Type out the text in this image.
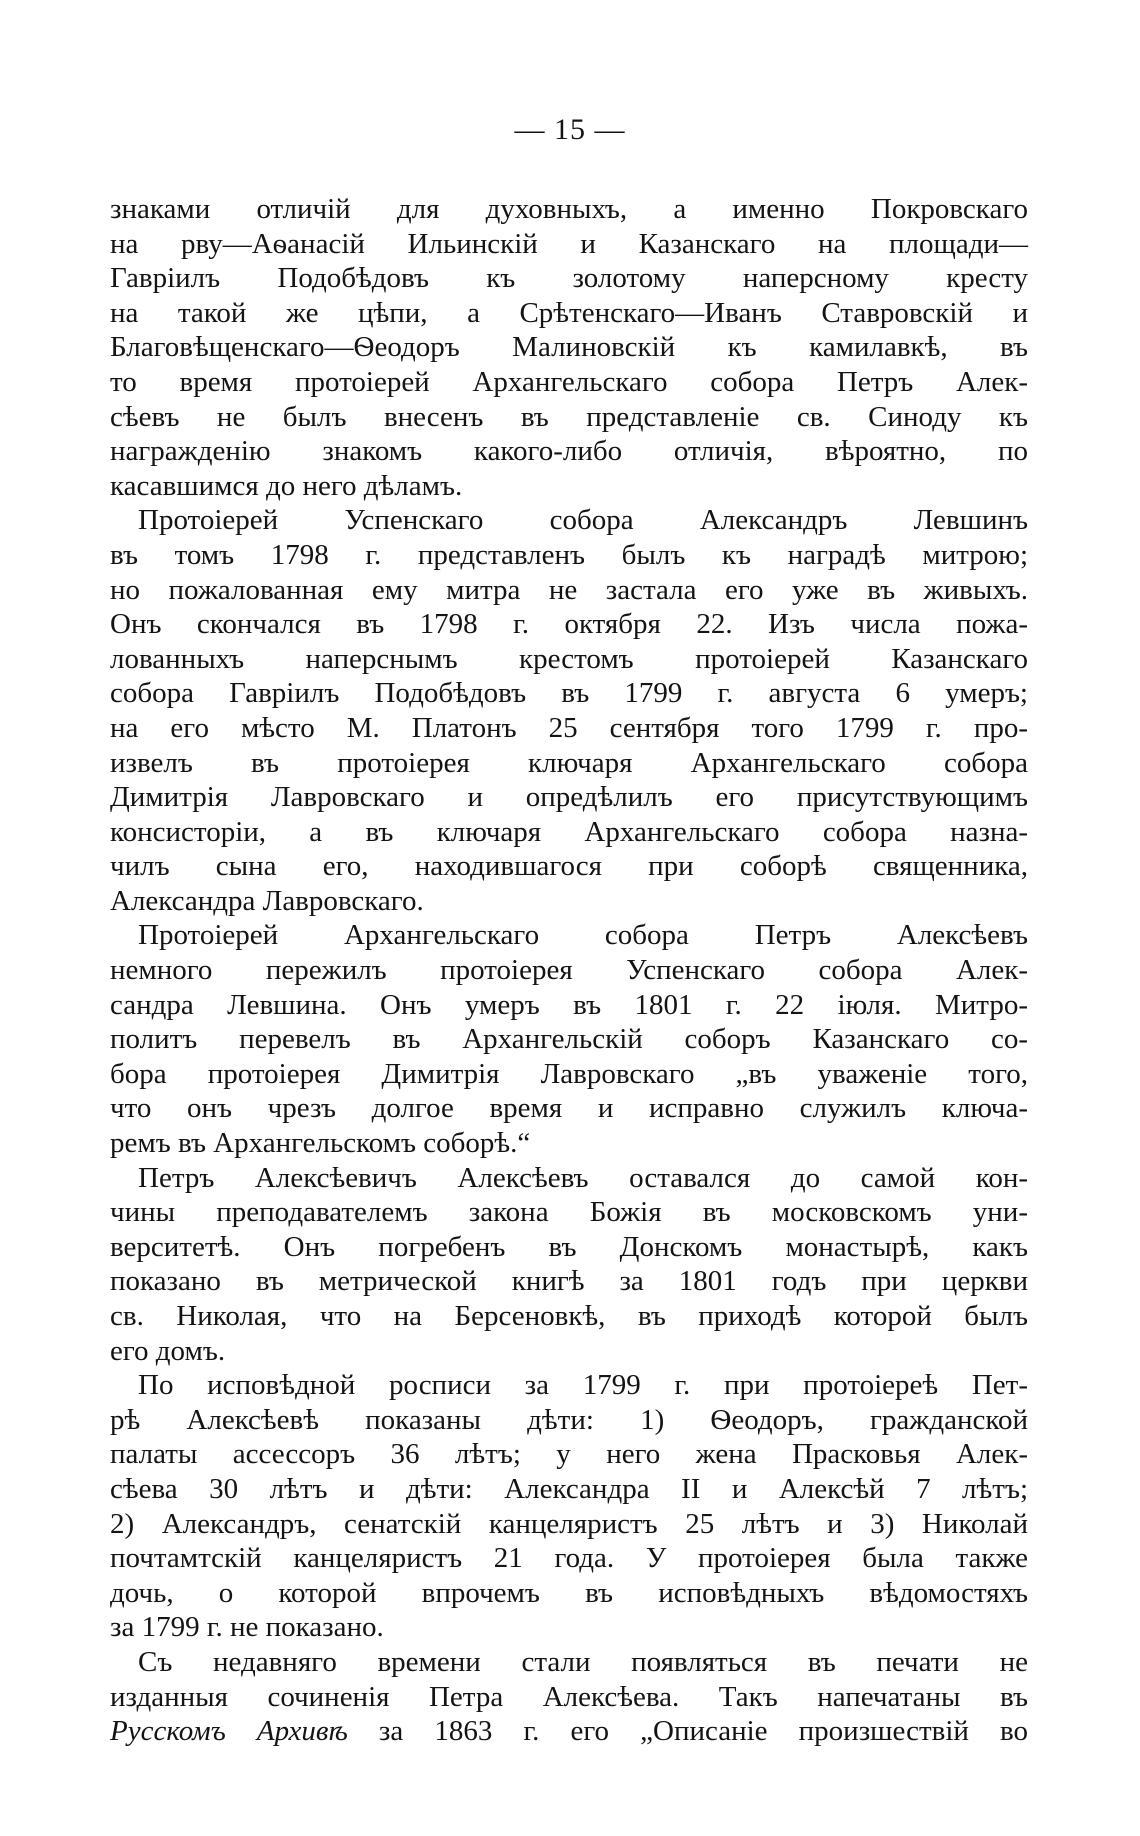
— 15 —
знаками отличій для духовныхъ, а именно Покровскаго
на рву—Аѳанасій Ильинскій и Казанскаго на площади—
Гавріилъ Подобѣдовъ къ золотому наперсному кресту
на такой же цѣпи, а Срѣтенскаго—Иванъ Ставровскій и
Благовѣщенскаго—Ѳеодоръ Малиновскій къ камилавкѣ, въ
то время протоіерей Архангельскаго собора Петръ Алек-
сѣевъ не былъ внесенъ въ представленіе св. Синоду къ
награжденію знакомъ какого-либо отличія, вѣроятно, по
касавшимся до него дѣламъ.
Протоіерей Успенскаго собора Александръ Левшинъ
въ томъ 1798 г. представленъ былъ къ наградѣ митрою;
но пожалованная ему митра не застала его уже въ живыхъ.
Онъ скончался въ 1798 г. октября 22. Изъ числа пожа-
лованныхъ наперснымъ крестомъ протоіерей Казанскаго
собора Гавріилъ Подобѣдовъ въ 1799 г. августа 6 умеръ;
на его мѣсто М. Платонъ 25 сентября того 1799 г. про-
извелъ въ протоіерея ключаря Архангельскаго собора
Димитрія Лавровскаго и опредѣлилъ его присутствующимъ
консисторіи, а въ ключаря Архангельскаго собора назна-
чилъ сына его, находившагося при соборѣ священника,
Александра Лавровскаго.
Протоіерей Архангельскаго собора Петръ Алексѣевъ
немного пережилъ протоіерея Успенскаго собора Алек-
сандра Левшина. Онъ умеръ въ 1801 г. 22 іюля. Митро-
политъ перевелъ въ Архангельскій соборъ Казанскаго со-
бора протоіерея Димитрія Лавровскаго „въ уваженіе того,
что онъ чрезъ долгое время и исправно служилъ ключа-
ремъ въ Архангельскомъ соборѣ.“
Петръ Алексѣевичъ Алексѣевъ оставался до самой кон-
чины преподавателемъ закона Божія въ московскомъ уни-
верситетѣ. Онъ погребенъ въ Донскомъ монастырѣ, какъ
показано въ метрической книгѣ за 1801 годъ при церкви
св. Николая, что на Берсеновкѣ, въ приходѣ которой былъ
его домъ.
По исповѣдной росписи за 1799 г. при протоіереѣ Пет-
рѣ Алексѣевѣ показаны дѣти: 1) Ѳеодоръ, гражданской
палаты ассессоръ 36 лѣтъ; у него жена Прасковья Алек-
сѣева 30 лѣтъ и дѣти: Александра II и Алексѣй 7 лѣтъ;
2) Александръ, сенатскій канцеляристъ 25 лѣтъ и 3) Николай
почтамтскій канцеляристъ 21 года. У протоіерея была также
дочь, о которой впрочемъ въ исповѣдныхъ вѣдомостяхъ
за 1799 г. не показано.
Съ недавняго времени стали появляться въ печати не
изданныя сочиненія Петра Алексѣева. Такъ напечатаны въ
Русскомъ Архивѣ за 1863 г. его „Описаніе произшествій во
